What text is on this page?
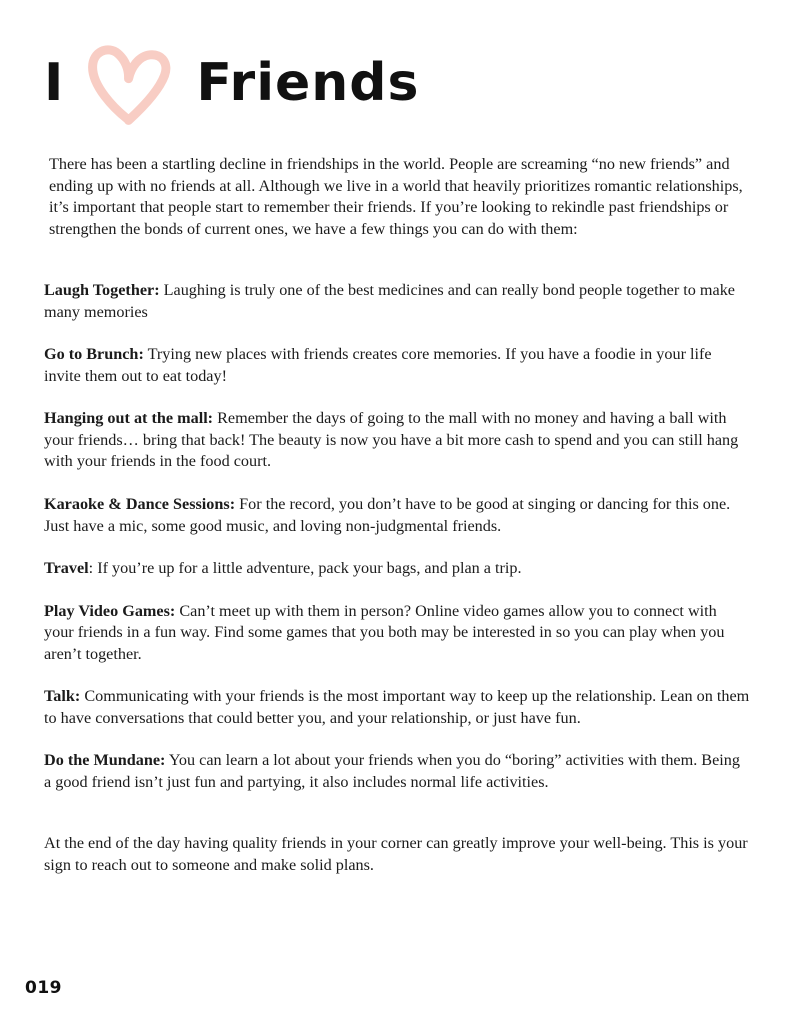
I	Friends

There has been a startling decline in friendships in the world. People are screaming “no new friends” and ending up with no friends at all. Although we live in a world that heavily prioritizes romantic relationships, it’s important that people start to remember their friends. If you’re looking to rekindle past friendships or strengthen the bonds of current ones, we have a few things you can do with them:

Laugh Together: Laughing is truly one of the best medicines and can really bond people together to make many memories

Go to Brunch: Trying new places with friends creates core memories. If you have a foodie in your life invite them out to eat today!

Hanging out at the mall: Remember the days of going to the mall with no money and having a ball with your friends… bring that back! The beauty is now you have a bit more cash to spend and you can still hang with your friends in the food court.

Karaoke & Dance Sessions: For the record, you don’t have to be good at singing or dancing for this one. Just have a mic, some good music, and loving non-judgmental friends.

Travel: If you’re up for a little adventure, pack your bags, and plan a trip.

Play Video Games: Can’t meet up with them in person? Online video games allow you to connect with your friends in a fun way. Find some games that you both may be interested in so you can play when you aren’t together.

Talk: Communicating with your friends is the most important way to keep up the relationship. Lean on them to have conversations that could better you, and your relationship, or just have fun.

Do the Mundane: You can learn a lot about your friends when you do “boring” activities with them. Being a good friend isn’t just fun and partying, it also includes normal life activities.

At the end of the day having quality friends in your corner can greatly improve your well-being. This is your sign to reach out to someone and make solid plans.

019
